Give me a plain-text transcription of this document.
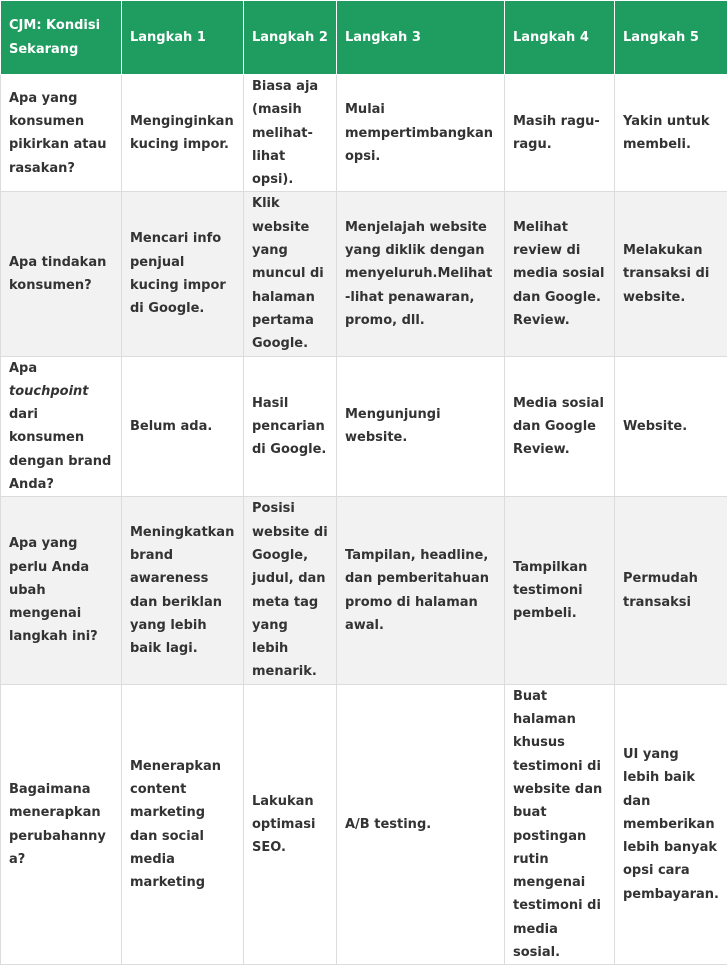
CJM: Kondisi Sekarang	Langkah 1	Langkah 2	Langkah 3	Langkah 4	Langkah 5
Apa yang konsumen pikirkan atau rasakan?	Menginginkan kucing impor.	Biasa aja (masih melihat-lihat opsi).	Mulai mempertimbangkan opsi.	Masih ragu-ragu.	Yakin untuk membeli.
Apa tindakan konsumen?	Mencari info penjual kucing impor di Google.	Klik website yang muncul di halaman pertama Google.	Menjelajah website yang diklik dengan menyeluruh.Melihat-lihat penawaran, promo, dll.	Melihat review di media sosial dan Google. Review.	Melakukan transaksi di website.
Apa touchpoint dari konsumen dengan brand Anda?	Belum ada.	Hasil pencarian di Google.	Mengunjungi website.	Media sosial dan Google Review.	Website.
Apa yang perlu Anda ubah mengenai langkah ini?	Meningkatkan brand awareness dan beriklan yang lebih baik lagi.	Posisi website di Google, judul, dan meta tag yang lebih menarik.	Tampilan, headline, dan pemberitahuan promo di halaman awal.	Tampilkan testimoni pembeli.	Permudah transaksi
Bagaimana menerapkan perubahannya?	Menerapkan content marketing dan social media marketing	Lakukan optimasi SEO.	A/B testing.	Buat halaman khusus testimoni di website dan buat postingan rutin mengenai testimoni di media sosial.	UI yang lebih baik dan memberikan lebih banyak opsi cara pembayaran.
